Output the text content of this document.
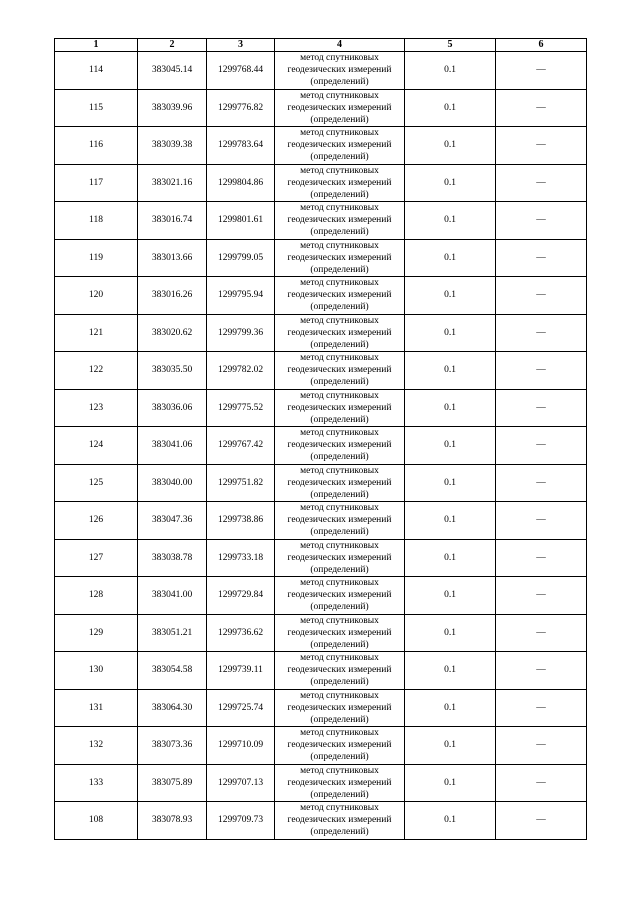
1	2	3	4	5	6
114	383045.14	1299768.44	метод спутниковых
геодезических измерений
(определений)	0.1	—
115	383039.96	1299776.82	метод спутниковых
геодезических измерений
(определений)	0.1	—
116	383039.38	1299783.64	метод спутниковых
геодезических измерений
(определений)	0.1	—
117	383021.16	1299804.86	метод спутниковых
геодезических измерений
(определений)	0.1	—
118	383016.74	1299801.61	метод спутниковых
геодезических измерений
(определений)	0.1	—
119	383013.66	1299799.05	метод спутниковых
геодезических измерений
(определений)	0.1	—
120	383016.26	1299795.94	метод спутниковых
геодезических измерений
(определений)	0.1	—
121	383020.62	1299799.36	метод спутниковых
геодезических измерений
(определений)	0.1	—
122	383035.50	1299782.02	метод спутниковых
геодезических измерений
(определений)	0.1	—
123	383036.06	1299775.52	метод спутниковых
геодезических измерений
(определений)	0.1	—
124	383041.06	1299767.42	метод спутниковых
геодезических измерений
(определений)	0.1	—
125	383040.00	1299751.82	метод спутниковых
геодезических измерений
(определений)	0.1	—
126	383047.36	1299738.86	метод спутниковых
геодезических измерений
(определений)	0.1	—
127	383038.78	1299733.18	метод спутниковых
геодезических измерений
(определений)	0.1	—
128	383041.00	1299729.84	метод спутниковых
геодезических измерений
(определений)	0.1	—
129	383051.21	1299736.62	метод спутниковых
геодезических измерений
(определений)	0.1	—
130	383054.58	1299739.11	метод спутниковых
геодезических измерений
(определений)	0.1	—
131	383064.30	1299725.74	метод спутниковых
геодезических измерений
(определений)	0.1	—
132	383073.36	1299710.09	метод спутниковых
геодезических измерений
(определений)	0.1	—
133	383075.89	1299707.13	метод спутниковых
геодезических измерений
(определений)	0.1	—
108	383078.93	1299709.73	метод спутниковых
геодезических измерений
(определений)	0.1	—
